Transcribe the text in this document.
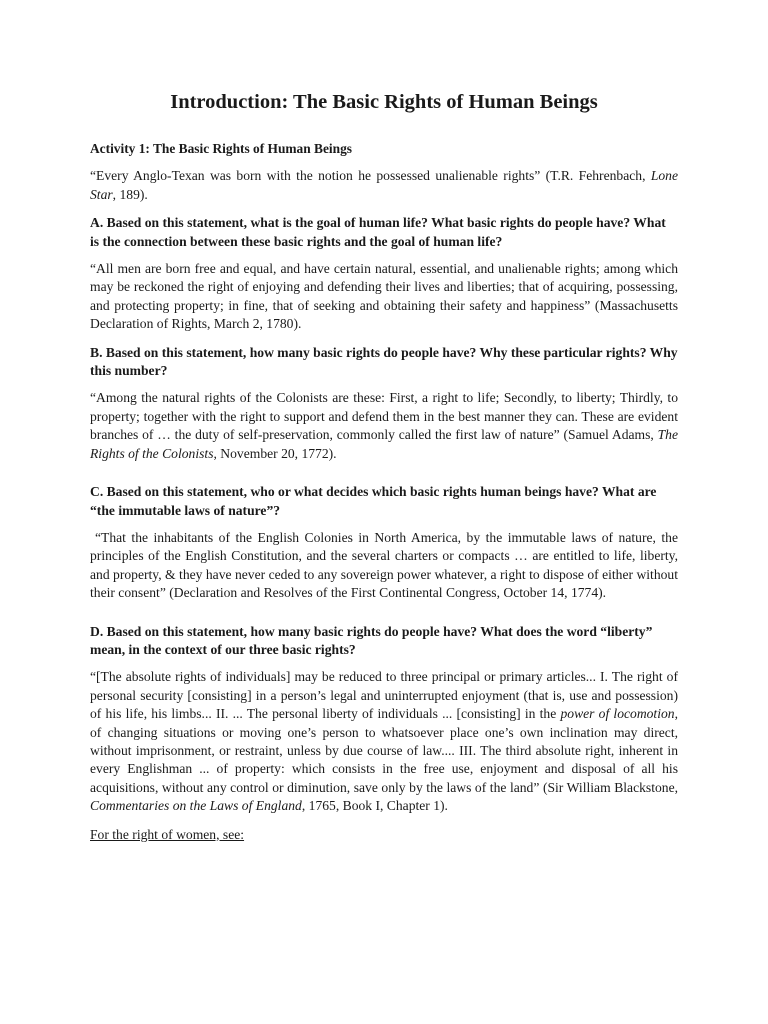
Introduction: The Basic Rights of Human Beings

Activity 1: The Basic Rights of Human Beings

“Every Anglo-Texan was born with the notion he possessed unalienable rights” (T.R. Fehrenbach, Lone Star, 189).

A. Based on this statement, what is the goal of human life? What basic rights do people have? What is the connection between these basic rights and the goal of human life?

“All men are born free and equal, and have certain natural, essential, and unalienable rights; among which may be reckoned the right of enjoying and defending their lives and liberties; that of acquiring, possessing, and protecting property; in fine, that of seeking and obtaining their safety and happiness” (Massachusetts Declaration of Rights, March 2, 1780).

B. Based on this statement, how many basic rights do people have? Why these particular rights? Why this number?

“Among the natural rights of the Colonists are these: First, a right to life; Secondly, to liberty; Thirdly, to property; together with the right to support and defend them in the best manner they can. These are evident branches of … the duty of self-preservation, commonly called the first law of nature” (Samuel Adams, The Rights of the Colonists, November 20, 1772).

C. Based on this statement, who or what decides which basic rights human beings have? What are “the immutable laws of nature”?

“That the inhabitants of the English Colonies in North America, by the immutable laws of nature, the principles of the English Constitution, and the several charters or compacts … are entitled to life, liberty, and property, & they have never ceded to any sovereign power whatever, a right to dispose of either without their consent” (Declaration and Resolves of the First Continental Congress, October 14, 1774).

D. Based on this statement, how many basic rights do people have? What does the word “liberty” mean, in the context of our three basic rights?

“[The absolute rights of individuals] may be reduced to three principal or primary articles... I. The right of personal security [consisting] in a person’s legal and uninterrupted enjoyment (that is, use and possession) of his life, his limbs... II. ... The personal liberty of individuals ... [consisting] in the power of locomotion, of changing situations or moving one’s person to whatsoever place one’s own inclination may direct, without imprisonment, or restraint, unless by due course of law.... III. The third absolute right, inherent in every Englishman ... of property: which consists in the free use, enjoyment and disposal of all his acquisitions, without any control or diminution, save only by the laws of the land” (Sir William Blackstone, Commentaries on the Laws of England, 1765, Book I, Chapter 1).

For the right of women, see:
